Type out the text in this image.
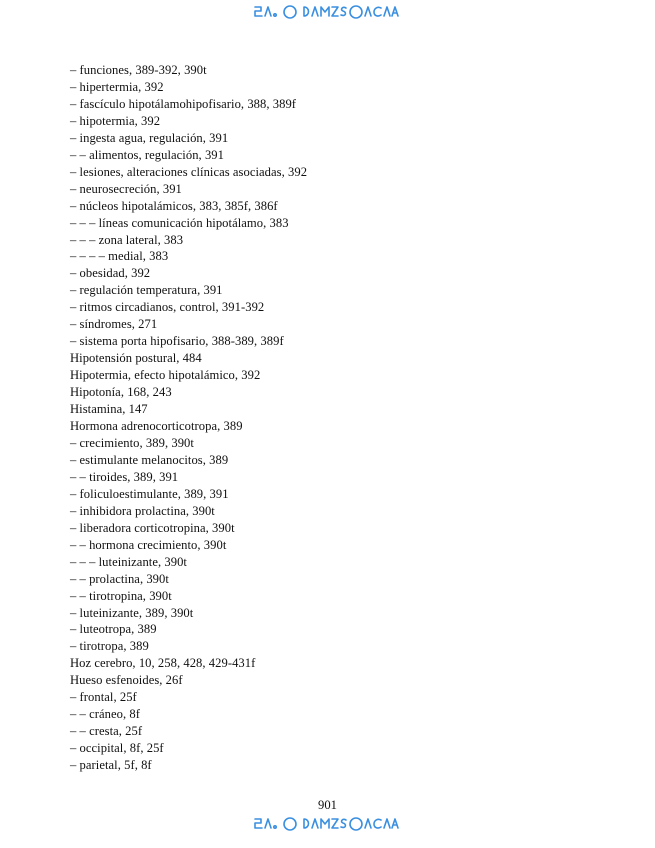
– funciones, 389-392, 390t
– hipertermia, 392
– fascículo hipotálamohipofisario, 388, 389f
– hipotermia, 392
– ingesta agua, regulación, 391
– – alimentos, regulación, 391
– lesiones, alteraciones clínicas asociadas, 392
– neurosecreción, 391
– núcleos hipotalámicos, 383, 385f, 386f
– – – líneas comunicación hipotálamo, 383
– – – zona lateral, 383
– – – – medial, 383
– obesidad, 392
– regulación temperatura, 391
– ritmos circadianos, control, 391-392
– síndromes, 271
– sistema porta hipofisario, 388-389, 389f
Hipotensión postural, 484
Hipotermia, efecto hipotalámico, 392
Hipotonía, 168, 243
Histamina, 147
Hormona adrenocorticotropa, 389
– crecimiento, 389, 390t
– estimulante melanocitos, 389
– – tiroides, 389, 391
– foliculoestimulante, 389, 391
– inhibidora prolactina, 390t
– liberadora corticotropina, 390t
– – hormona crecimiento, 390t
– – – luteinizante, 390t
– – prolactina, 390t
– – tirotropina, 390t
– luteinizante, 389, 390t
– luteotropa, 389
– tirotropa, 389
Hoz cerebro, 10, 258, 428, 429-431f
Hueso esfenoides, 26f
– frontal, 25f
– – cráneo, 8f
– – cresta, 25f
– occipital, 8f, 25f
– parietal, 5f, 8f
901
